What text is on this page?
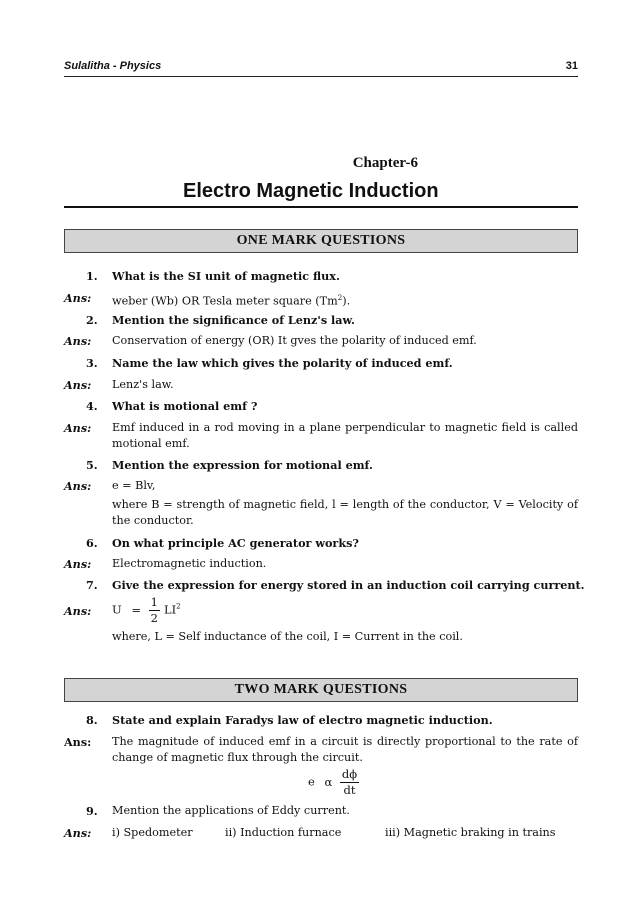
Sulalitha - Physics	31
Chapter-6
Electro Magnetic Induction
ONE MARK QUESTIONS
1.	What is the SI unit of magnetic flux.
Ans: weber (Wb) OR Tesla meter square (Tm$^2$).
2.	Mention the significance of Lenz's law.
Ans: Conservation of energy (OR) It gves the polarity of induced emf.
3.	Name the law which gives the polarity of induced emf.
Ans: Lenz's law.
4.	What is motional emf ?
Ans: Emf induced in a rod moving in a plane perpendicular to magnetic field is called motional emf.
5.	Mention the expression for motional emf.
Ans: e = Blv,
where B = strength of magnetic field, l = length of the conductor, V = Velocity of the conductor.
6.	On what principle AC generator works?
Ans: Electromagnetic induction.
7.	Give the expression for energy stored in an induction coil carrying current.
Ans: $U = \frac{1}{2} LI^2$
where, L = Self inductance of the coil, I = Current in the coil.
TWO MARK QUESTIONS
8.	State and explain Faradys law of electro magnetic induction.
Ans: The magnitude of induced emf in a circuit is directly proportional to the rate of change of magnetic flux through the circuit.
e α $\frac{d\phi}{dt}$
9.	Mention the applications of Eddy current.
Ans: i) Spedometer	ii) Induction furnace	iii) Magnetic braking in trains
